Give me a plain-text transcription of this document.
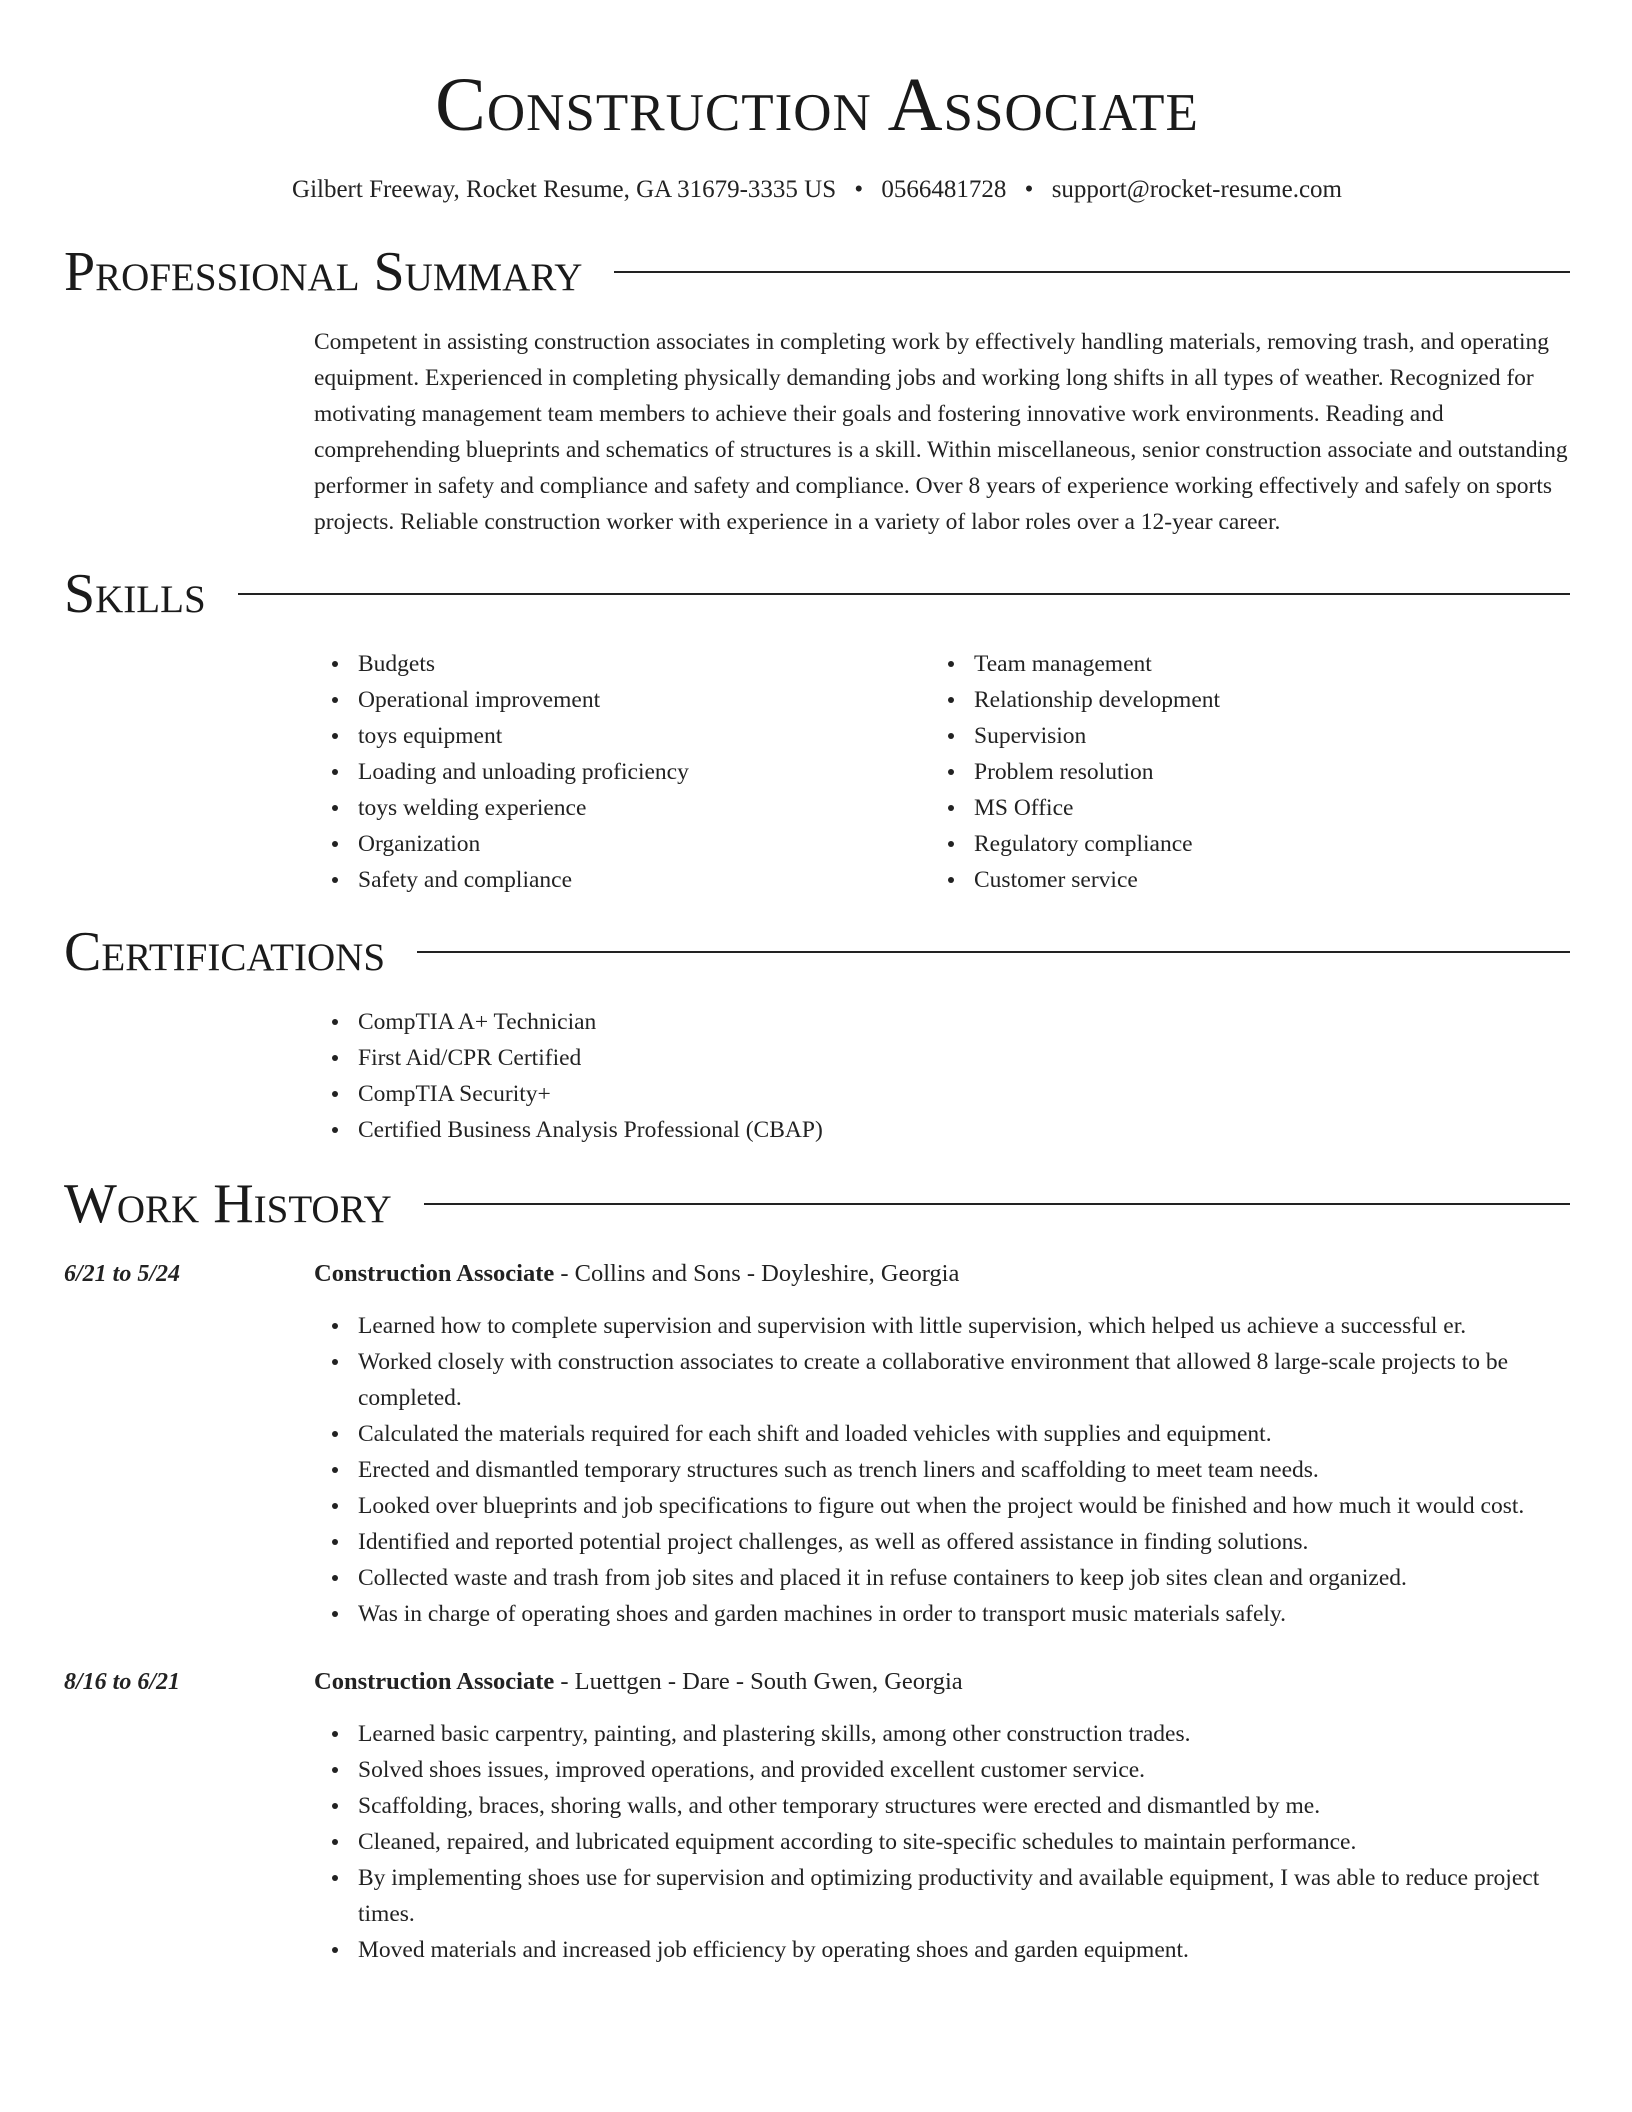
Construction Associate
Gilbert Freeway, Rocket Resume, GA 31679-3335 US • 0566481728 • support@rocket-resume.com
Professional Summary
Competent in assisting construction associates in completing work by effectively handling materials, removing trash, and operating equipment. Experienced in completing physically demanding jobs and working long shifts in all types of weather. Recognized for motivating management team members to achieve their goals and fostering innovative work environments. Reading and comprehending blueprints and schematics of structures is a skill. Within miscellaneous, senior construction associate and outstanding performer in safety and compliance and safety and compliance. Over 8 years of experience working effectively and safely on sports projects. Reliable construction worker with experience in a variety of labor roles over a 12-year career.
Skills
Budgets
Operational improvement
toys equipment
Loading and unloading proficiency
toys welding experience
Organization
Safety and compliance
Team management
Relationship development
Supervision
Problem resolution
MS Office
Regulatory compliance
Customer service
Certifications
CompTIA A+ Technician
First Aid/CPR Certified
CompTIA Security+
Certified Business Analysis Professional (CBAP)
Work History
6/21 to 5/24	Construction Associate - Collins and Sons - Doyleshire, Georgia
Learned how to complete supervision and supervision with little supervision, which helped us achieve a successful er.
Worked closely with construction associates to create a collaborative environment that allowed 8 large-scale projects to be completed.
Calculated the materials required for each shift and loaded vehicles with supplies and equipment.
Erected and dismantled temporary structures such as trench liners and scaffolding to meet team needs.
Looked over blueprints and job specifications to figure out when the project would be finished and how much it would cost.
Identified and reported potential project challenges, as well as offered assistance in finding solutions.
Collected waste and trash from job sites and placed it in refuse containers to keep job sites clean and organized.
Was in charge of operating shoes and garden machines in order to transport music materials safely.
8/16 to 6/21	Construction Associate - Luettgen - Dare - South Gwen, Georgia
Learned basic carpentry, painting, and plastering skills, among other construction trades.
Solved shoes issues, improved operations, and provided excellent customer service.
Scaffolding, braces, shoring walls, and other temporary structures were erected and dismantled by me.
Cleaned, repaired, and lubricated equipment according to site-specific schedules to maintain performance.
By implementing shoes use for supervision and optimizing productivity and available equipment, I was able to reduce project times.
Moved materials and increased job efficiency by operating shoes and garden equipment.
